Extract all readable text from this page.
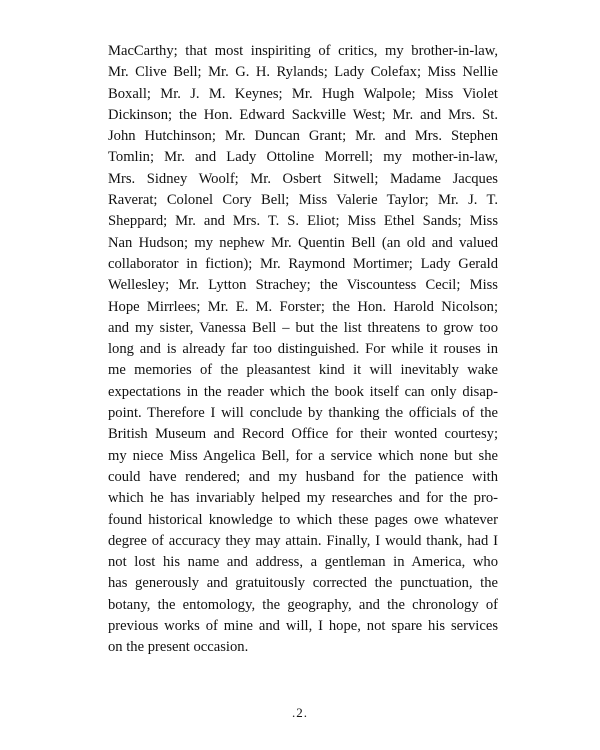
MacCarthy; that most inspiriting of critics, my brother-in-law,
Mr. Clive Bell; Mr. G. H. Rylands; Lady Colefax; Miss Nellie
Boxall; Mr. J. M. Keynes; Mr. Hugh Walpole; Miss Violet
Dickinson; the Hon. Edward Sackville West; Mr. and Mrs. St.
John Hutchinson; Mr. Duncan Grant; Mr. and Mrs. Stephen
Tomlin; Mr. and Lady Ottoline Morrell; my mother-in-law,
Mrs. Sidney Woolf; Mr. Osbert Sitwell; Madame Jacques
Raverat; Colonel Cory Bell; Miss Valerie Taylor; Mr. J. T.
Sheppard; Mr. and Mrs. T. S. Eliot; Miss Ethel Sands; Miss
Nan Hudson; my nephew Mr. Quentin Bell (an old and valued
collaborator in fiction); Mr. Raymond Mortimer; Lady Gerald
Wellesley; Mr. Lytton Strachey; the Viscountess Cecil; Miss
Hope Mirrlees; Mr. E. M. Forster; the Hon. Harold Nicolson;
and my sister, Vanessa Bell – but the list threatens to grow too
long and is already far too distinguished. For while it rouses in
me memories of the pleasantest kind it will inevitably wake
expectations in the reader which the book itself can only disap-
point. Therefore I will conclude by thanking the officials of the
British Museum and Record Office for their wonted courtesy;
my niece Miss Angelica Bell, for a service which none but she
could have rendered; and my husband for the patience with
which he has invariably helped my researches and for the pro-
found historical knowledge to which these pages owe whatever
degree of accuracy they may attain. Finally, I would thank, had I
not lost his name and address, a gentleman in America, who
has generously and gratuitously corrected the punctuation, the
botany, the entomology, the geography, and the chronology of
previous works of mine and will, I hope, not spare his services
on the present occasion.
.2.
